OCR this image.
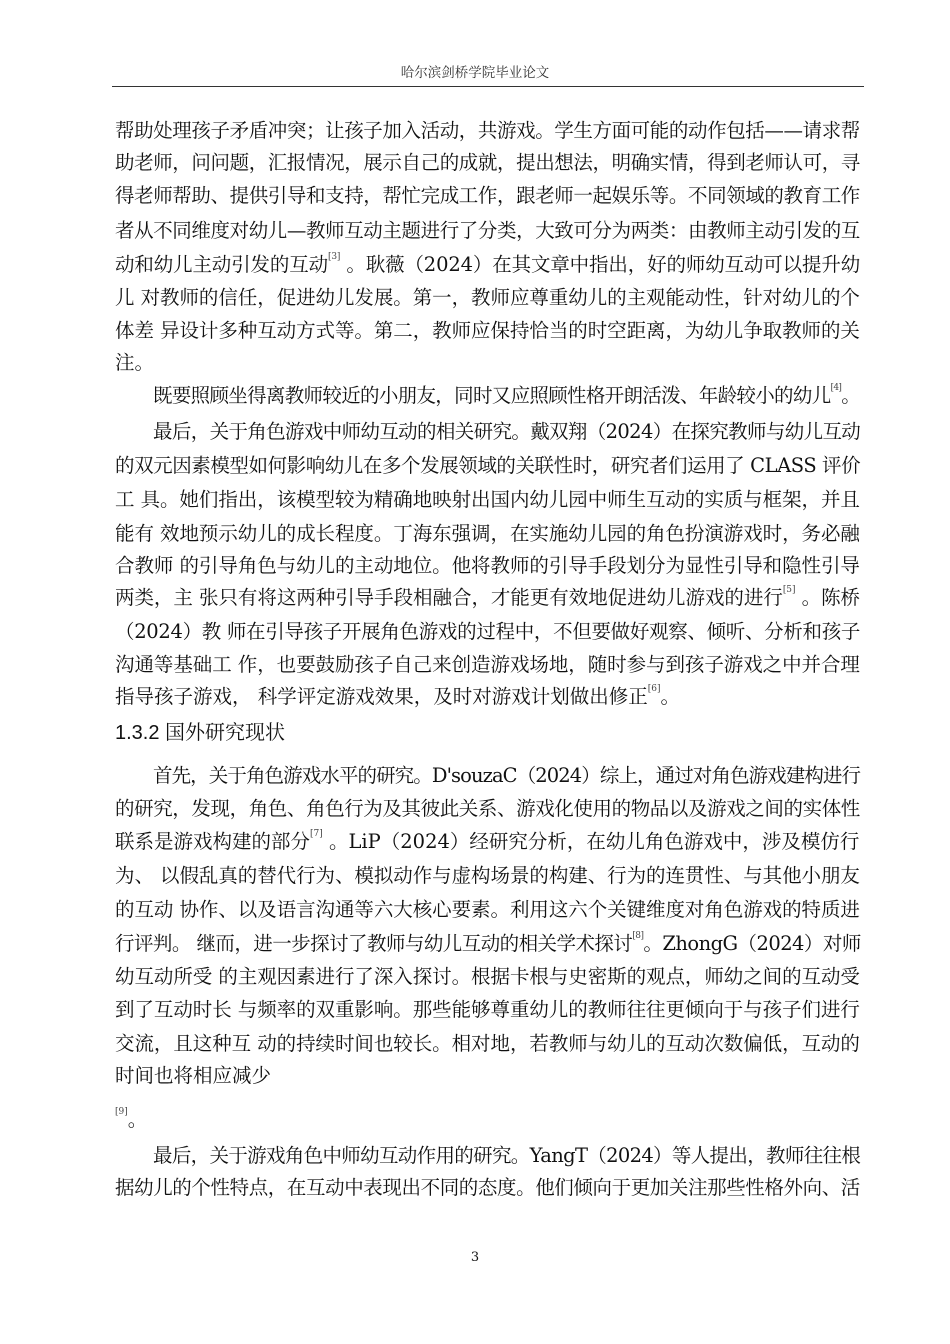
哈尔滨剑桥学院毕业论文
帮助处理孩子矛盾冲突；让孩子加入活动，共游戏。学生方面可能的动作包括——请求帮
助老师，问问题，汇报情况，展示自己的成就，提出想法，明确实情，得到老师认可，寻
得老师帮助、提供引导和支持，帮忙完成工作，跟老师一起娱乐等。不同领域的教育工作
者从不同维度对幼儿—教师互动主题进行了分类，大致可分为两类：由教师主动引发的互
动和幼儿主动引发的互动[3] 。耿薇（2024）在其文章中指出，好的师幼互动可以提升幼
儿 对教师的信任，促进幼儿发展。第一，教师应尊重幼儿的主观能动性，针对幼儿的个
体差 异设计多种互动方式等。第二，教师应保持恰当的时空距离，为幼儿争取教师的关
注。
既要照顾坐得离教师较近的小朋友，同时又应照顾性格开朗活泼、年龄较小的幼儿[4]。
最后，关于角色游戏中师幼互动的相关研究。戴双翔（2024）在探究教师与幼儿互动
的双元因素模型如何影响幼儿在多个发展领域的关联性时，研究者们运用了 CLASS 评价
工 具。她们指出，该模型较为精确地映射出国内幼儿园中师生互动的实质与框架，并且
能有 效地预示幼儿的成长程度。丁海东强调，在实施幼儿园的角色扮演游戏时，务必融
合教师 的引导角色与幼儿的主动地位。他将教师的引导手段划分为显性引导和隐性引导
两类，主 张只有将这两种引导手段相融合，才能更有效地促进幼儿游戏的进行[5] 。陈桥
（2024）教 师在引导孩子开展角色游戏的过程中，不但要做好观察、倾听、分析和孩子
沟通等基础工 作，也要鼓励孩子自己来创造游戏场地，随时参与到孩子游戏之中并合理
指导孩子游戏， 科学评定游戏效果，及时对游戏计划做出修正[6]。
首先，关于角色游戏水平的研究。D'souzaC（2024）综上，通过对角色游戏建构进行
的研究，发现，角色、角色行为及其彼此关系、游戏化使用的物品以及游戏之间的实体性
联系是游戏构建的部分[7] 。LiP（2024）经研究分析，在幼儿角色游戏中，涉及模仿行
为、 以假乱真的替代行为、模拟动作与虚构场景的构建、行为的连贯性、与其他小朋友
的互动 协作、以及语言沟通等六大核心要素。利用这六个关键维度对角色游戏的特质进
行评判。 继而，进一步探讨了教师与幼儿互动的相关学术探讨[8]。ZhongG（2024）对师
幼互动所受 的主观因素进行了深入探讨。根据卡根与史密斯的观点，师幼之间的互动受
到了互动时长 与频率的双重影响。那些能够尊重幼儿的教师往往更倾向于与孩子们进行
交流，且这种互 动的持续时间也较长。相对地，若教师与幼儿的互动次数偏低，互动的
时间也将相应减少
[9]。
最后，关于游戏角色中师幼互动作用的研究。YangT（2024）等人提出，教师往往根
据幼儿的个性特点，在互动中表现出不同的态度。他们倾向于更加关注那些性格外向、活
1.3.2 国外研究现状
3
